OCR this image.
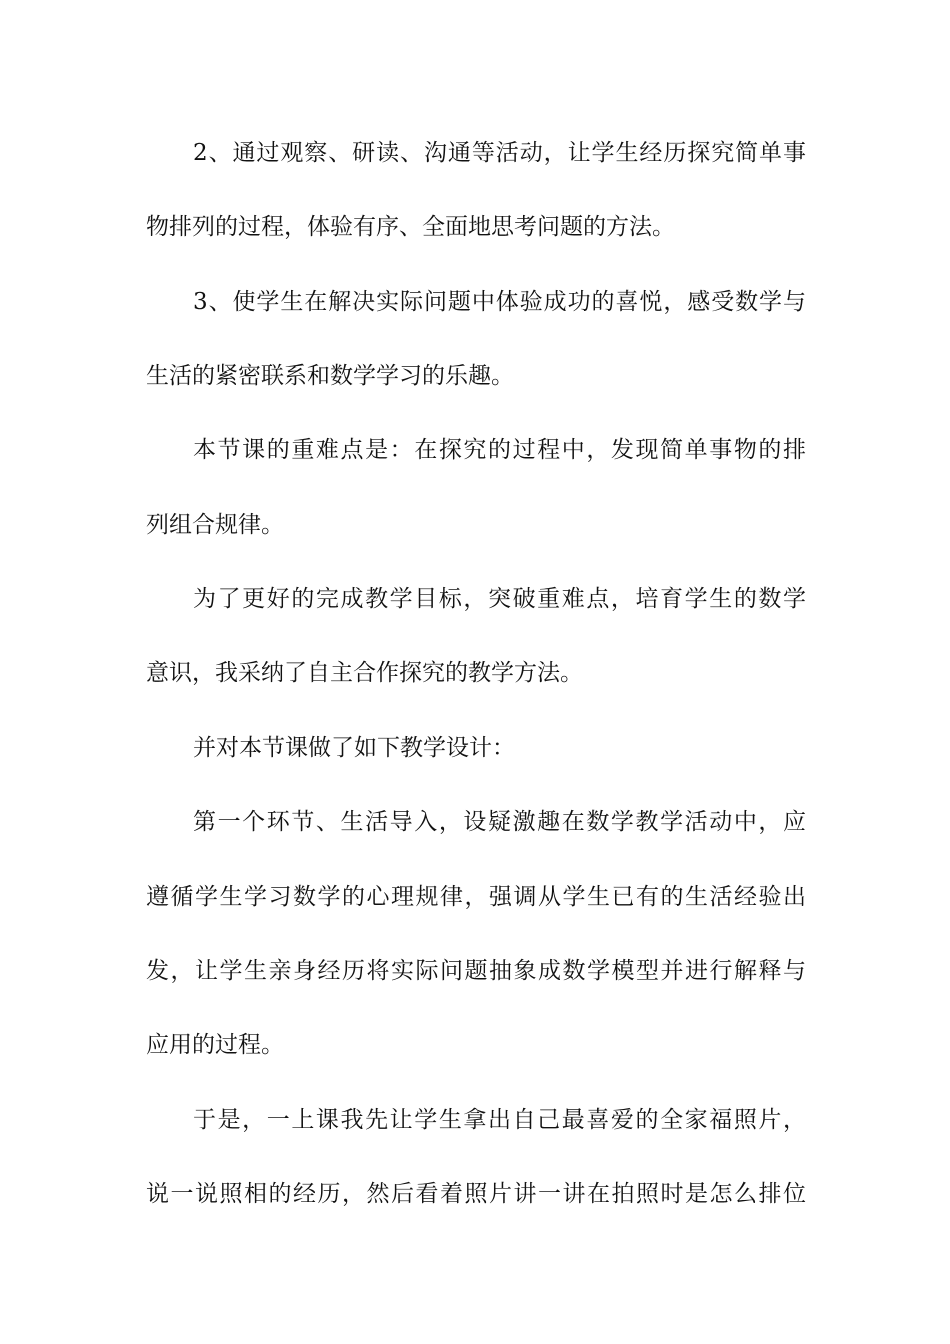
2、通过观察、研读、沟通等活动，让学生经历探究简单事

物排列的过程，体验有序、全面地思考问题的方法。

3、使学生在解决实际问题中体验成功的喜悦，感受数学与

生活的紧密联系和数学学习的乐趣。

本节课的重难点是：在探究的过程中，发现简单事物的排

列组合规律。

为了更好的完成教学目标，突破重难点，培育学生的数学

意识，我采纳了自主合作探究的教学方法。

并对本节课做了如下教学设计：

第一个环节、生活导入，设疑激趣在数学教学活动中，应

遵循学生学习数学的心理规律，强调从学生已有的生活经验出

发，让学生亲身经历将实际问题抽象成数学模型并进行解释与

应用的过程。

于是，一上课我先让学生拿出自己最喜爱的全家福照片，

说一说照相的经历，然后看着照片讲一讲在拍照时是怎么排位
